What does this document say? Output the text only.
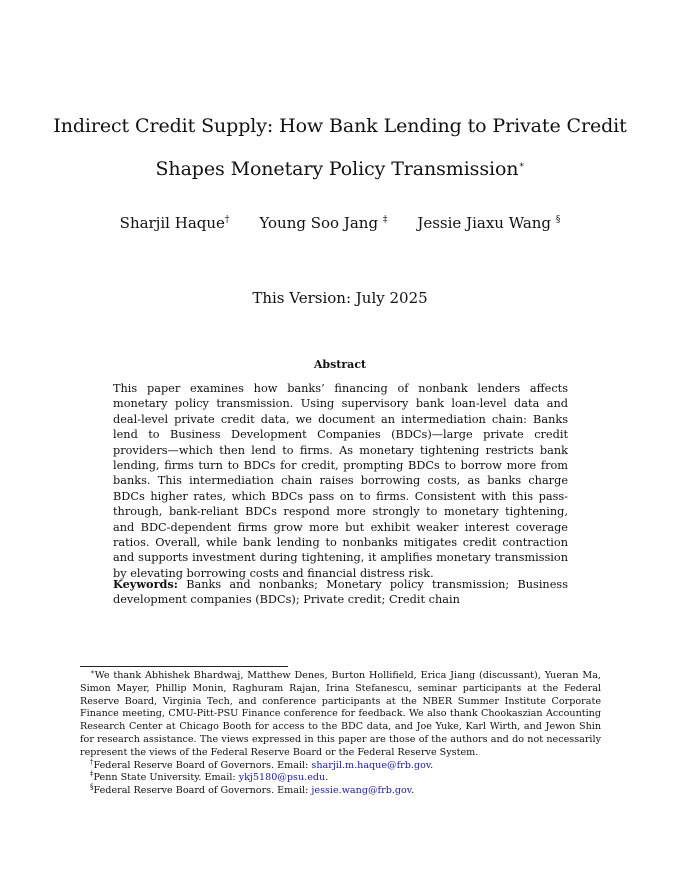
Indirect Credit Supply: How Bank Lending to Private Credit
Shapes Monetary Policy Transmission∗
Sharjil Haque† Young Soo Jang ‡ Jessie Jiaxu Wang §
This Version: July 2025
Abstract

This paper examines how banks’ financing of nonbank lenders affects monetary policy transmission. Using supervisory bank loan-level data and deal-level private credit data, we document an intermediation chain: Banks lend to Business Development Companies (BDCs)—large private credit providers—which then lend to firms. As monetary tightening restricts bank lending, firms turn to BDCs for credit, prompting BDCs to borrow more from banks. This intermediation chain raises borrowing costs, as banks charge BDCs higher rates, which BDCs pass on to firms. Consistent with this pass-through, bank-reliant BDCs respond more strongly to monetary tightening, and BDC-dependent firms grow more but exhibit weaker interest coverage ratios. Overall, while bank lending to nonbanks mitigates credit contraction and supports investment during tightening, it amplifies monetary transmission by elevating borrowing costs and financial distress risk.

Keywords: Banks and nonbanks; Monetary policy transmission; Business development companies (BDCs); Private credit; Credit chain

∗We thank Abhishek Bhardwaj, Matthew Denes, Burton Hollifield, Erica Jiang (discussant), Yueran Ma, Simon Mayer, Phillip Monin, Raghuram Rajan, Irina Stefanescu, seminar participants at the Federal Reserve Board, Virginia Tech, and conference participants at the NBER Summer Institute Corporate Finance meeting, CMU-Pitt-PSU Finance conference for feedback. We also thank Chookaszian Accounting Research Center at Chicago Booth for access to the BDC data, and Joe Yuke, Karl Wirth, and Jewon Shin for research assistance. The views expressed in this paper are those of the authors and do not necessarily represent the views of the Federal Reserve Board or the Federal Reserve System.

†Federal Reserve Board of Governors. Email: sharjil.m.haque@frb.gov.

‡Penn State University. Email: ykj5180@psu.edu.

§Federal Reserve Board of Governors. Email: jessie.wang@frb.gov.
